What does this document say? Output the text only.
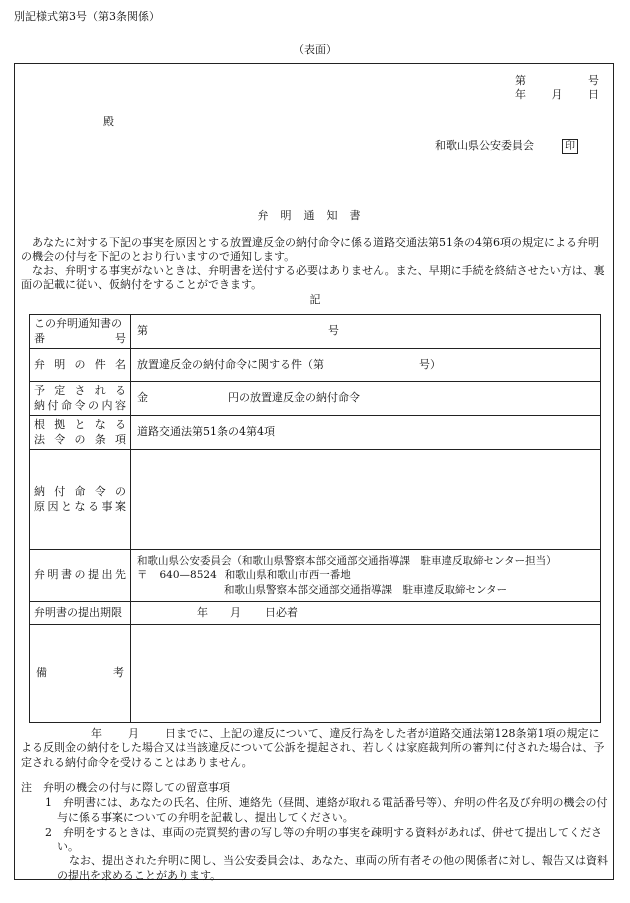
別記様式第3号（第3条関係）
（表面）
第	号
年 月 日
殿
和歌山県公安委員会	印
弁明通知書
　あなたに対する下記の事実を原因とする放置違反金の納付命令に係る道路交通法第51条の4第6項の規定による弁明の機会の付与を下記のとおり行いますので通知します。
　なお、弁明する事実がないときは、弁明書を送付する必要はありません。また、早期に手続を終結させたい方は、裏面の記載に従い、仮納付をすることができます。
記
この弁明通知書の
番号	第 号

弁明の件名	放置違反金の納付命令に関する件（第 号）

予定される
納付命令の内容	金 円の放置違反金の納付命令

根拠となる
法令の条項	道路交通法第51条の4第4項

納付命令の
原因となる事案	

弁明書の提出先	和歌山県公安委員会（和歌山県警察本部交通部交通指導課　駐車違反取締センター担当）
〒 640—8524 和歌山県和歌山市西一番地
和歌山県警察本部交通部交通指導課　駐車違反取締センター

弁明書の提出期限	年 月 日必着

備 考	

年 月 日までに、上記の違反について、違反行為をした者が道路交通法第128条第1項の規定による反則金の納付をした場合又は当該違反について公訴を提起され、若しくは家庭裁判所の審判に付された場合は、予定される納付命令を受けることはありません。
注　弁明の機会の付与に際しての留意事項
1　弁明書には、あなたの氏名、住所、連絡先（昼間、連絡が取れる電話番号等）、弁明の件名及び弁明の機会の付与に係る事案についての弁明を記載し、提出してください。
2　弁明をするときは、車両の売買契約書の写し等の弁明の事実を疎明する資料があれば、併せて提出してください。
なお、提出された弁明に関し、当公安委員会は、あなた、車両の所有者その他の関係者に対し、報告又は資料の提出を求めることがあります。
